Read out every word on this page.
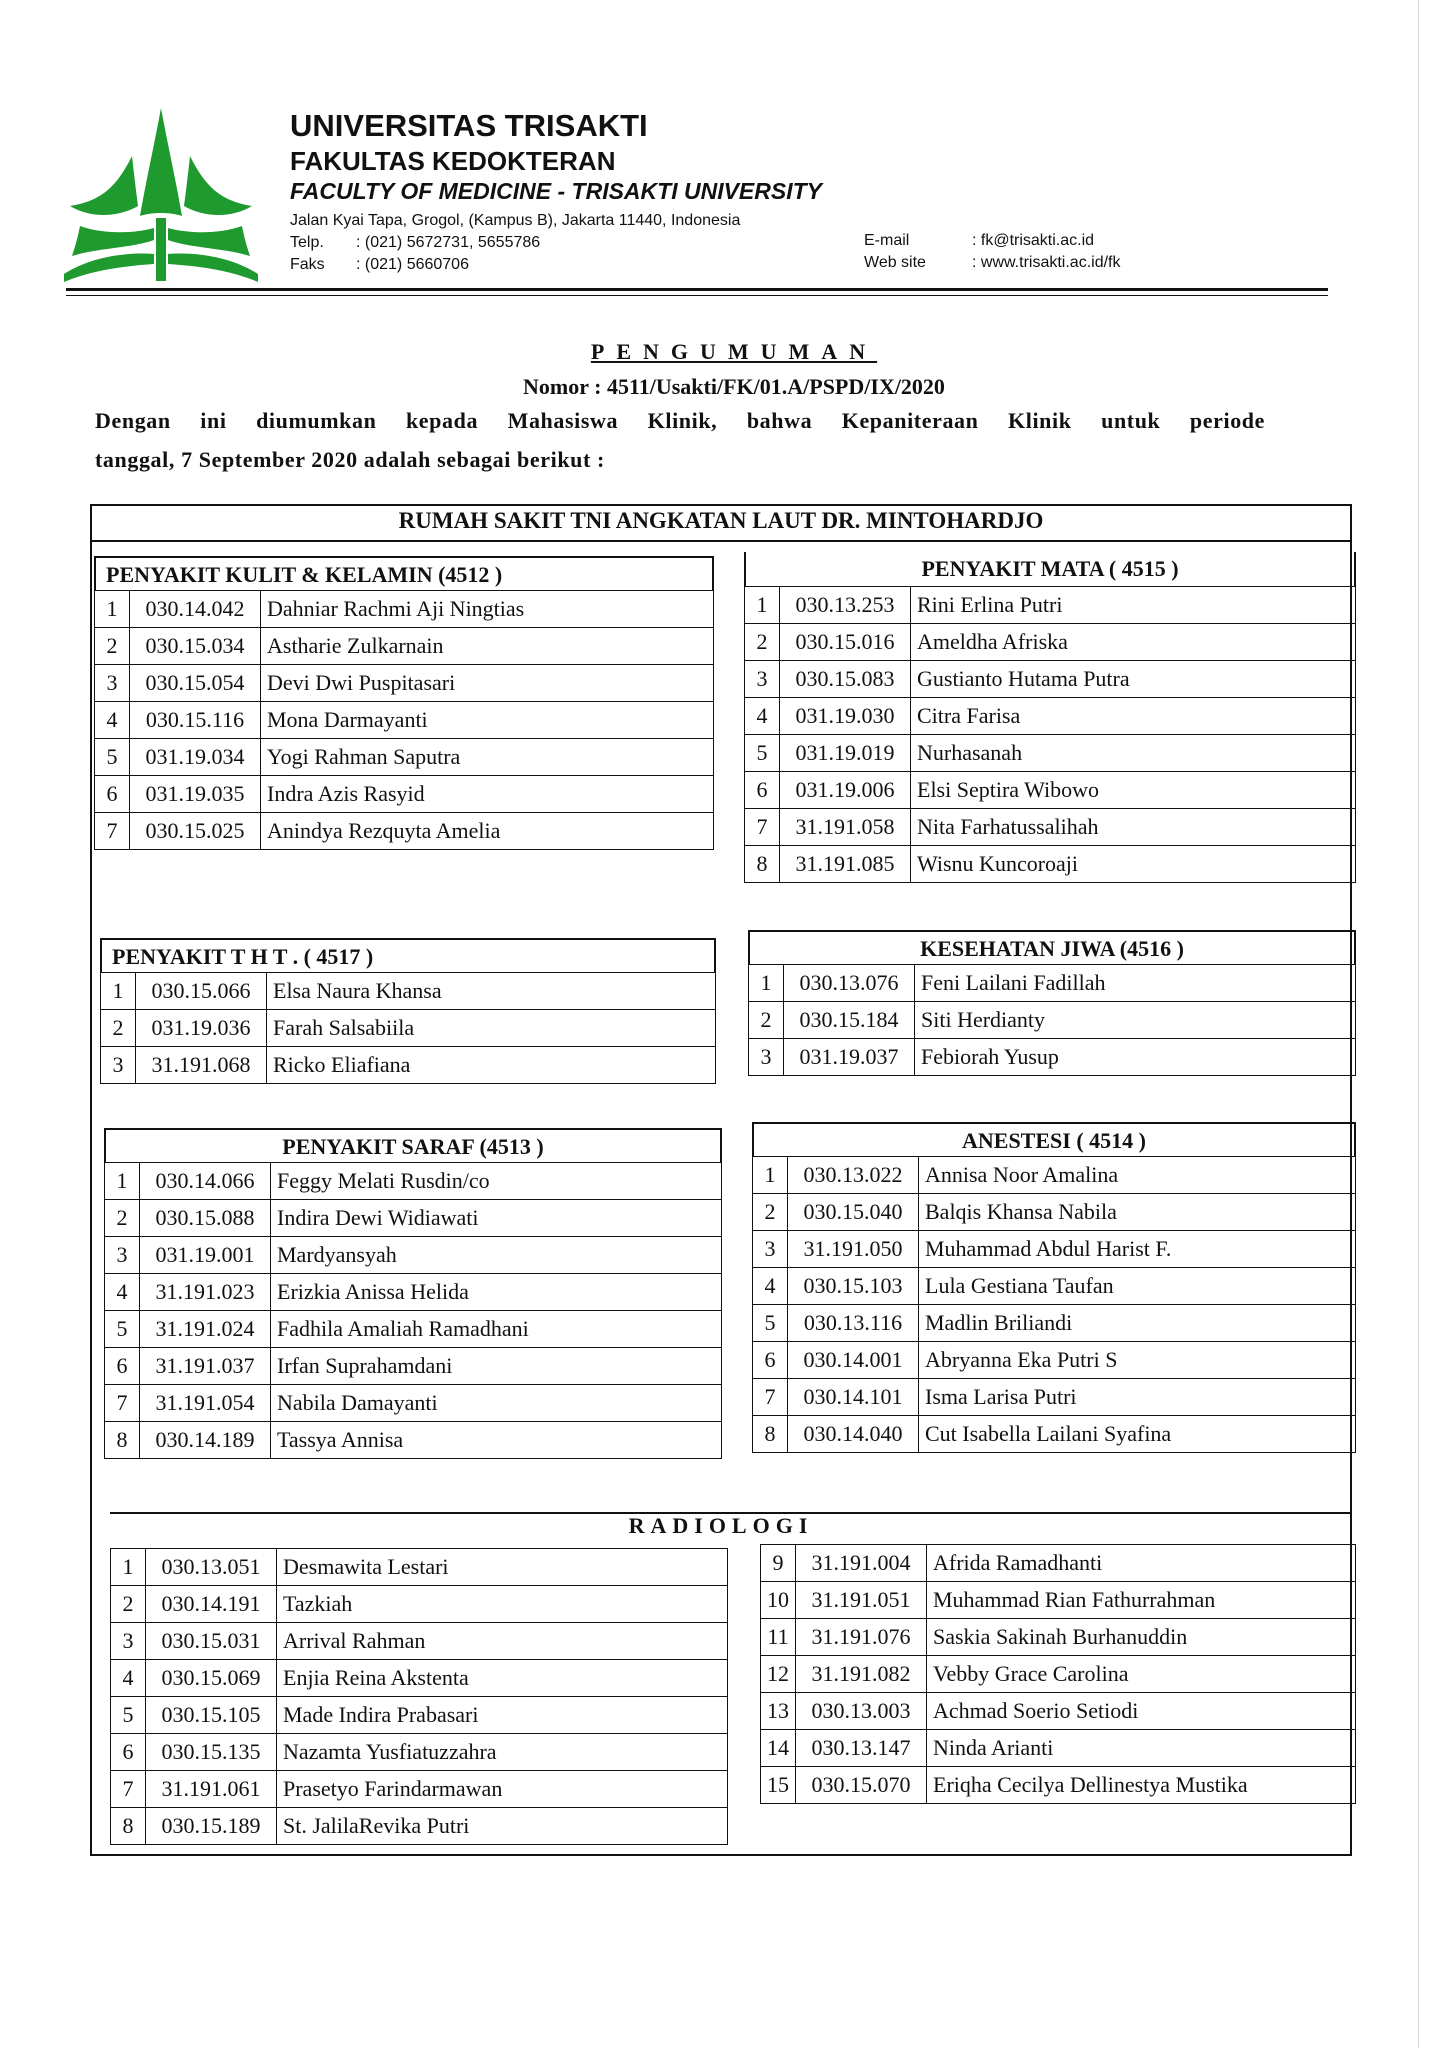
UNIVERSITAS TRISAKTI
FAKULTAS KEDOKTERAN
FACULTY OF MEDICINE - TRISAKTI UNIVERSITY
Jalan Kyai Tapa, Grogol, (Kampus B), Jakarta 11440, Indonesia
Telp. : (021) 5672731, 5655786
Faks : (021) 5660706
E-mail	: fk@trisakti.ac.id
Web site	: www.trisakti.ac.id/fk
PENGUMUMAN
Nomor : 4511/Usakti/FK/01.A/PSPD/IX/2020
Dengan ini diumumkan kepada Mahasiswa Klinik, bahwa Kepaniteraan Klinik untuk periode
tanggal, 7 September 2020 adalah sebagai berikut :
RUMAH SAKIT TNI ANGKATAN LAUT DR. MINTOHARDJO
PENYAKIT KULIT & KELAMIN (4512 )
1	030.14.042	Dahniar Rachmi Aji Ningtias
2	030.15.034	Astharie Zulkarnain
3	030.15.054	Devi Dwi Puspitasari
4	030.15.116	Mona Darmayanti
5	031.19.034	Yogi Rahman Saputra
6	031.19.035	Indra Azis Rasyid
7	030.15.025	Anindya Rezquyta Amelia
PENYAKIT MATA ( 4515 )
1	030.13.253	Rini Erlina Putri
2	030.15.016	Ameldha Afriska
3	030.15.083	Gustianto Hutama Putra
4	031.19.030	Citra Farisa
5	031.19.019	Nurhasanah
6	031.19.006	Elsi Septira Wibowo
7	31.191.058	Nita Farhatussalihah
8	31.191.085	Wisnu Kuncoroaji
PENYAKIT T H T . ( 4517 )
1	030.15.066	Elsa Naura Khansa
2	031.19.036	Farah Salsabiila
3	31.191.068	Ricko Eliafiana
KESEHATAN JIWA (4516 )
1	030.13.076	Feni Lailani Fadillah
2	030.15.184	Siti Herdianty
3	031.19.037	Febiorah Yusup
PENYAKIT SARAF (4513 )
1	030.14.066	Feggy Melati Rusdin/co
2	030.15.088	Indira Dewi Widiawati
3	031.19.001	Mardyansyah
4	31.191.023	Erizkia Anissa Helida
5	31.191.024	Fadhila Amaliah Ramadhani
6	31.191.037	Irfan Suprahamdani
7	31.191.054	Nabila Damayanti
8	030.14.189	Tassya Annisa
ANESTESI ( 4514 )
1	030.13.022	Annisa Noor Amalina
2	030.15.040	Balqis Khansa Nabila
3	31.191.050	Muhammad Abdul Harist F.
4	030.15.103	Lula Gestiana Taufan
5	030.13.116	Madlin Briliandi
6	030.14.001	Abryanna Eka Putri S
7	030.14.101	Isma Larisa Putri
8	030.14.040	Cut Isabella Lailani Syafina
RADIOLOGI
1	030.13.051	Desmawita Lestari
2	030.14.191	Tazkiah
3	030.15.031	Arrival Rahman
4	030.15.069	Enjia Reina Akstenta
5	030.15.105	Made Indira Prabasari
6	030.15.135	Nazamta Yusfiatuzzahra
7	31.191.061	Prasetyo Farindarmawan
8	030.15.189	St. JalilaRevika Putri
9	31.191.004	Afrida Ramadhanti
10	31.191.051	Muhammad Rian Fathurrahman
11	31.191.076	Saskia Sakinah Burhanuddin
12	31.191.082	Vebby Grace Carolina
13	030.13.003	Achmad Soerio Setiodi
14	030.13.147	Ninda Arianti
15	030.15.070	Eriqha Cecilya Dellinestya Mustika
